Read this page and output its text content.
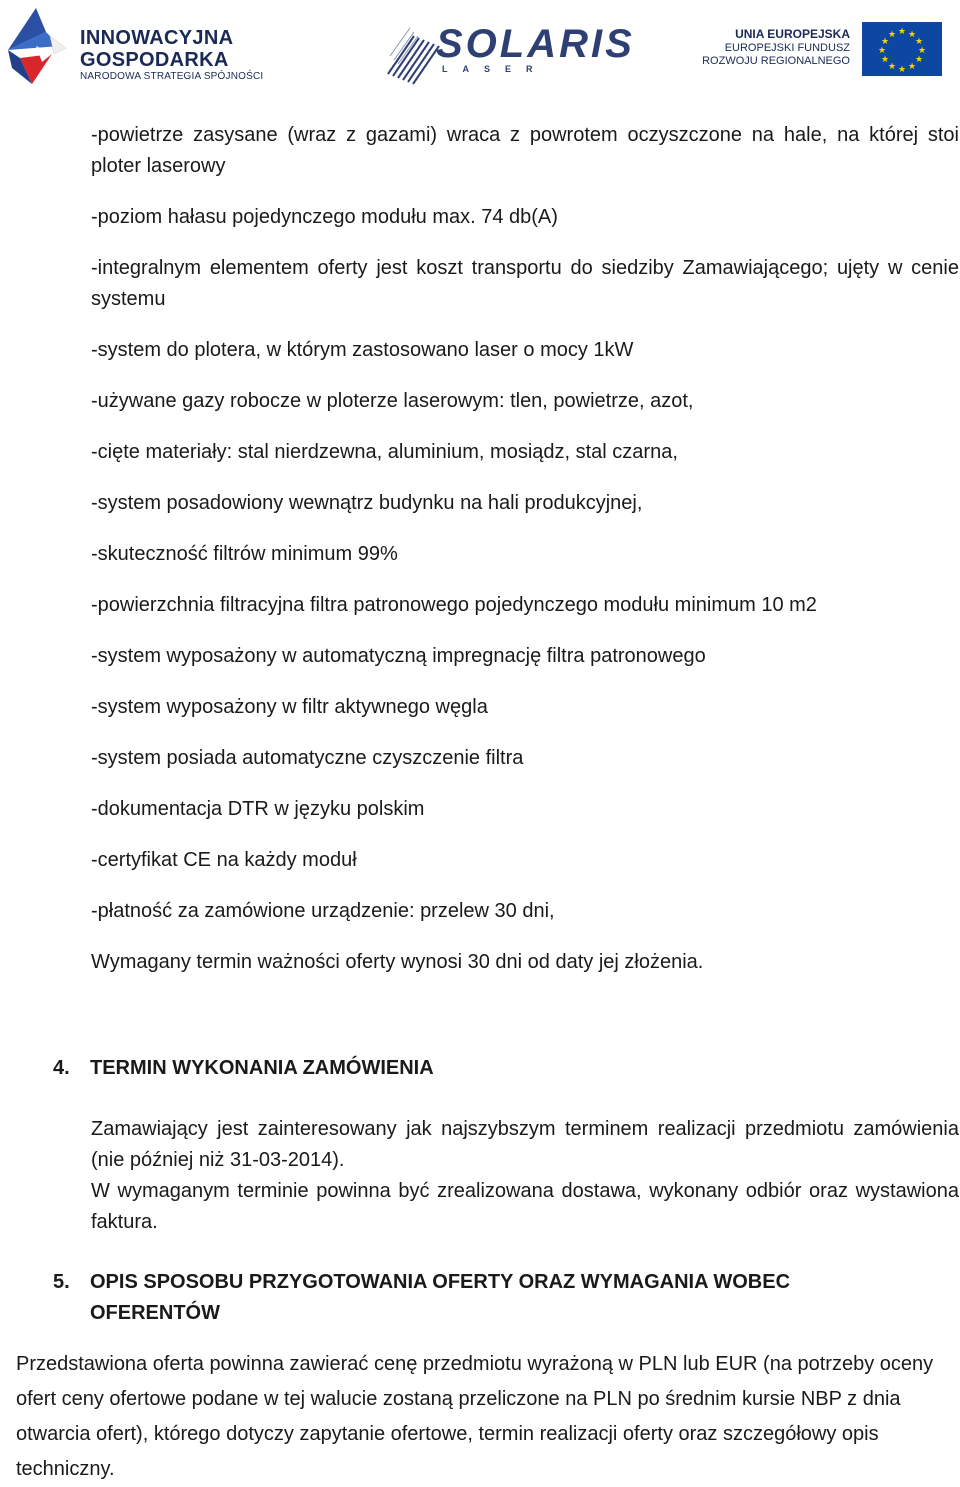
INNOWACYJNA
GOSPODARKA
NARODOWA STRATEGIA SPÓJNOŚCI
SOLARIS
LASER
UNIA EUROPEJSKA
EUROPEJSKI FUNDUSZ
ROZWOJU REGIONALNEGO
★ ★
★
★
★
★
★
★
★
★
★
★
-powietrze zasysane (wraz z gazami) wraca z powrotem oczyszczone na hale, na której stoi ploter laserowy
-poziom hałasu pojedynczego modułu max. 74 db(A)
-integralnym elementem oferty jest koszt transportu do siedziby Zamawiającego; ujęty w cenie systemu
-system do plotera, w którym zastosowano laser o mocy 1kW
-używane gazy robocze w ploterze laserowym: tlen, powietrze, azot,
-cięte materiały: stal nierdzewna, aluminium, mosiądz, stal czarna,
-system posadowiony wewnątrz budynku na hali produkcyjnej,
-skuteczność filtrów minimum 99%
-powierzchnia filtracyjna filtra patronowego pojedynczego modułu minimum 10 m2
-system wyposażony w automatyczną impregnację filtra patronowego
-system wyposażony w filtr aktywnego węgla
-system posiada automatyczne czyszczenie filtra
-dokumentacja DTR w języku polskim
-certyfikat CE na każdy moduł
-płatność za zamówione urządzenie: przelew 30 dni,
Wymagany termin ważności oferty wynosi 30 dni od daty jej złożenia.
4.	TERMIN WYKONANIA ZAMÓWIENIA

Zamawiający jest zainteresowany jak najszybszym terminem realizacji przedmiotu zamówienia (nie później niż 31-03-2014).

W wymaganym terminie powinna być zrealizowana dostawa, wykonany odbiór oraz wystawiona faktura.

5.	OPIS SPOSOBU PRZYGOTOWANIA OFERTY ORAZ WYMAGANIA WOBEC OFERENTÓW

Przedstawiona oferta powinna zawierać cenę przedmiotu wyrażoną w PLN lub EUR (na potrzeby oceny ofert ceny ofertowe podane w tej walucie zostaną przeliczone na PLN po średnim kursie NBP z dnia otwarcia ofert), którego dotyczy zapytanie ofertowe, termin realizacji oferty oraz szczegółowy opis techniczny.
